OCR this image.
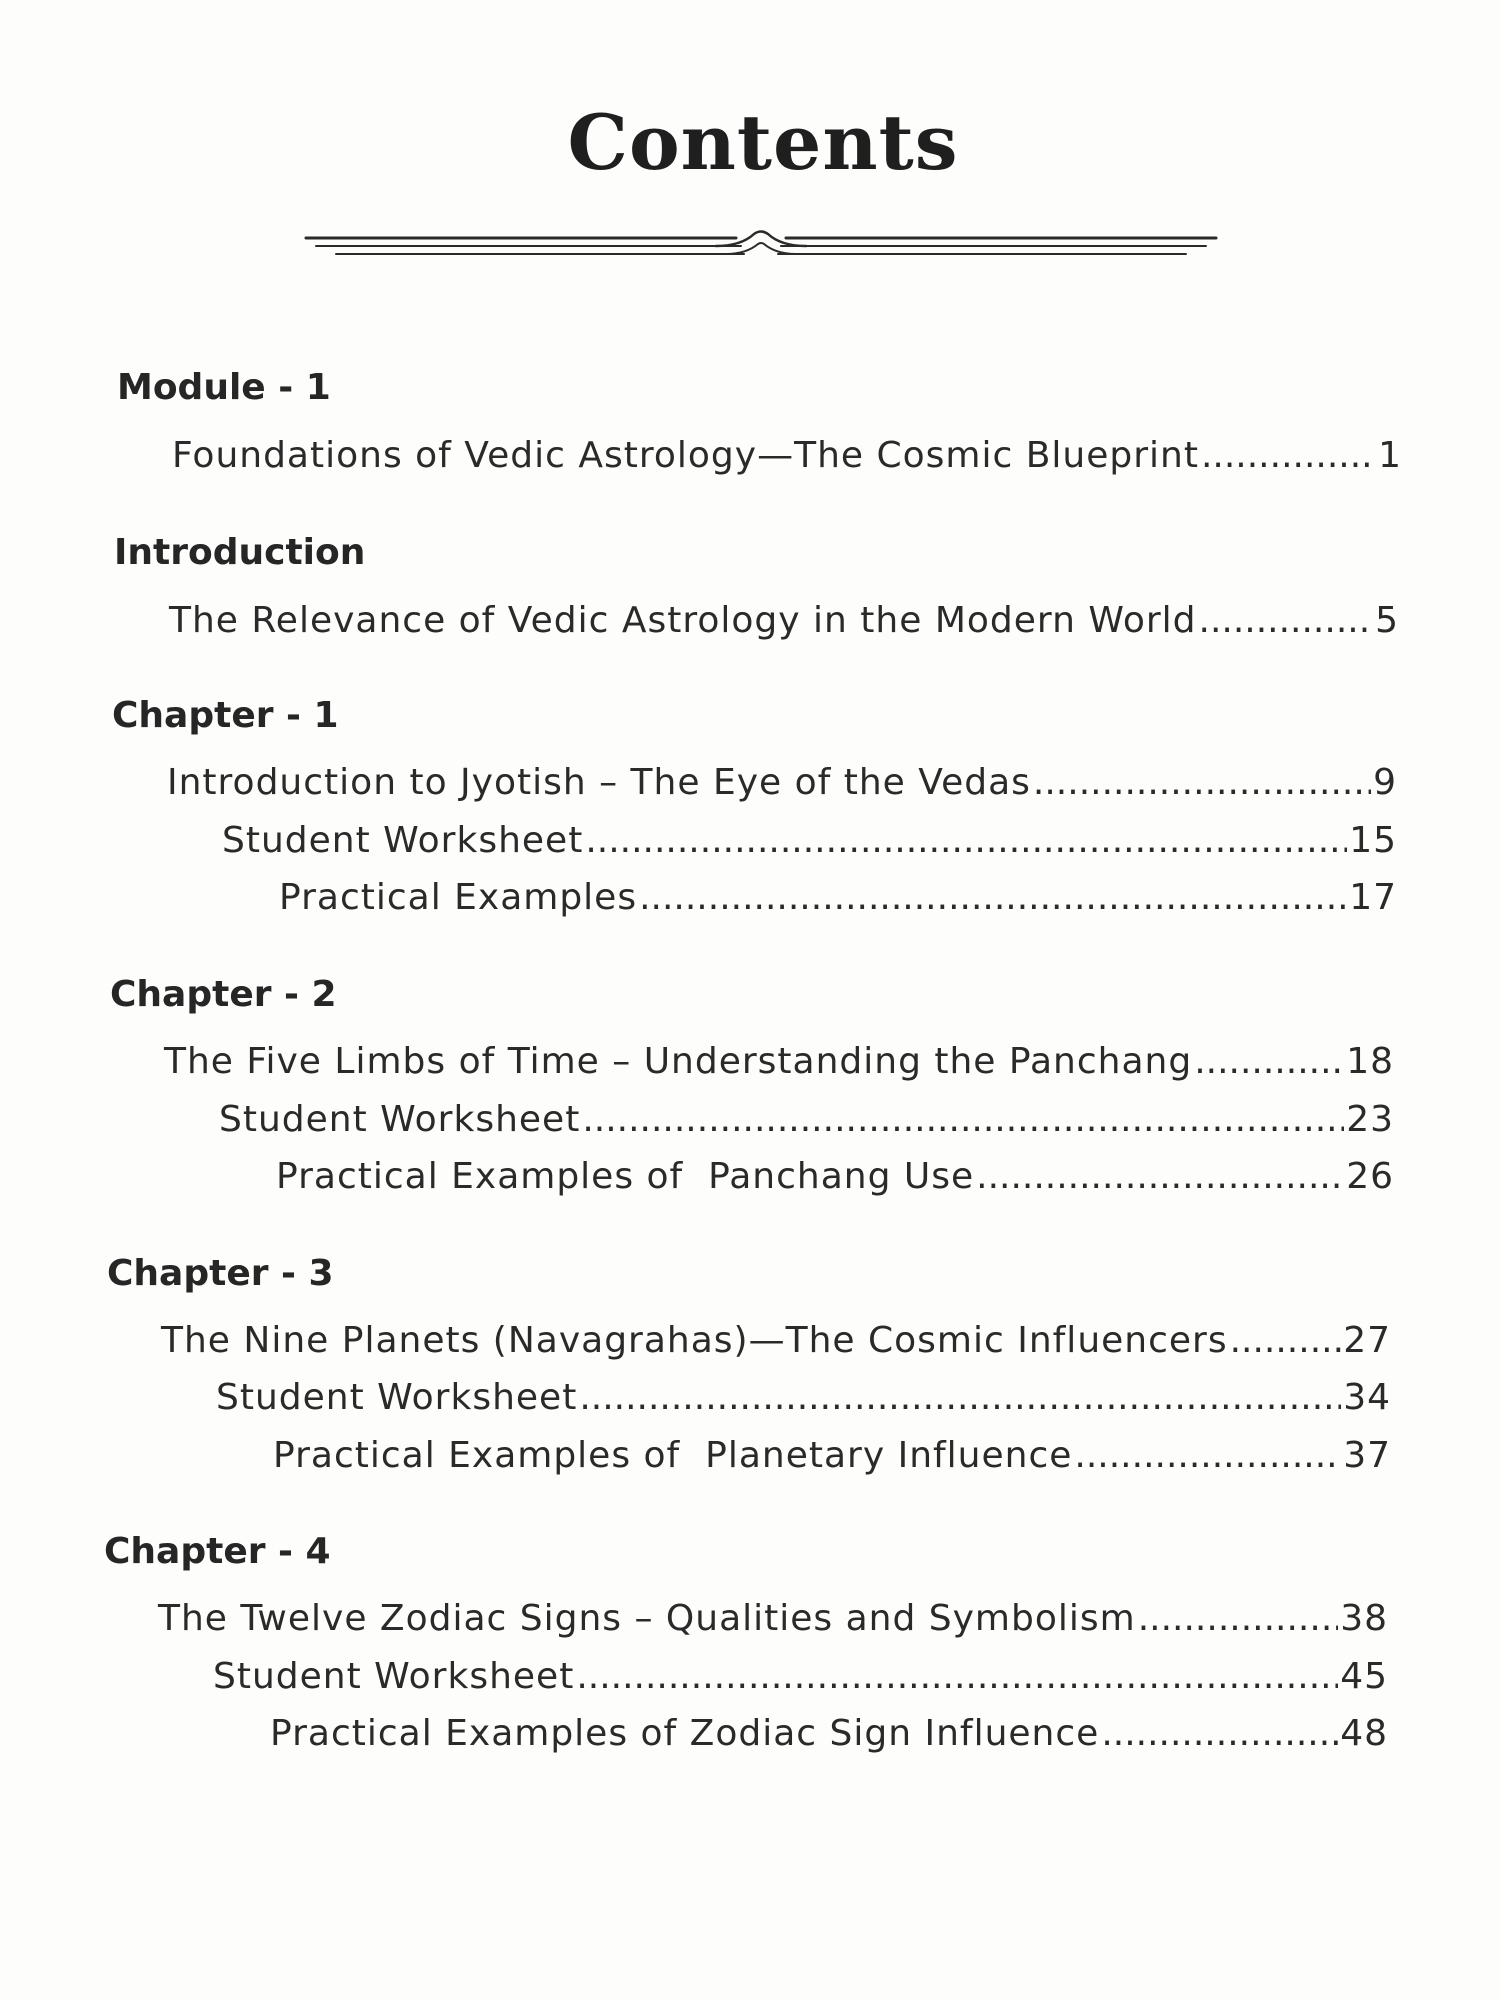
Contents
Module - 1
Foundations of Vedic Astrology—The Cosmic Blueprint .....	1
Introduction
The Relevance of Vedic Astrology in the Modern World .....	5
Chapter - 1
Introduction to Jyotish – The Eye of the Vedas .....	9
Student Worksheet .....	15
Practical Examples .....	17
Chapter - 2
The Five Limbs of Time – Understanding the Panchang .....	18
Student Worksheet .....	23
Practical Examples of  Panchang Use .....	26
Chapter - 3
The Nine Planets (Navagrahas)—The Cosmic Influencers .....	27
Student Worksheet .....	34
Practical Examples of  Planetary Influence .....	37
Chapter - 4
The Twelve Zodiac Signs – Qualities and Symbolism .....	38
Student Worksheet .....	45
Practical Examples of Zodiac Sign Influence .....	48
